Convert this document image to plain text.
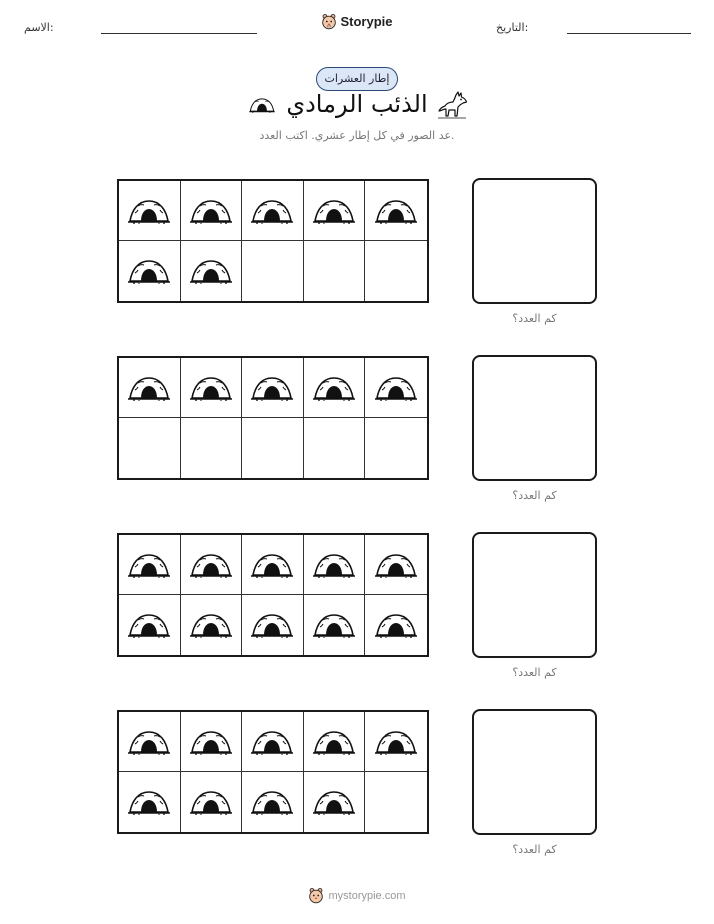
الاسم:	Storypie	التاريخ:
إطار العشرات
الذئب الرمادي
عد الصور في كل إطار عشري. اكتب العدد.
كم العدد؟
كم العدد؟
كم العدد؟
كم العدد؟
mystorypie.com
